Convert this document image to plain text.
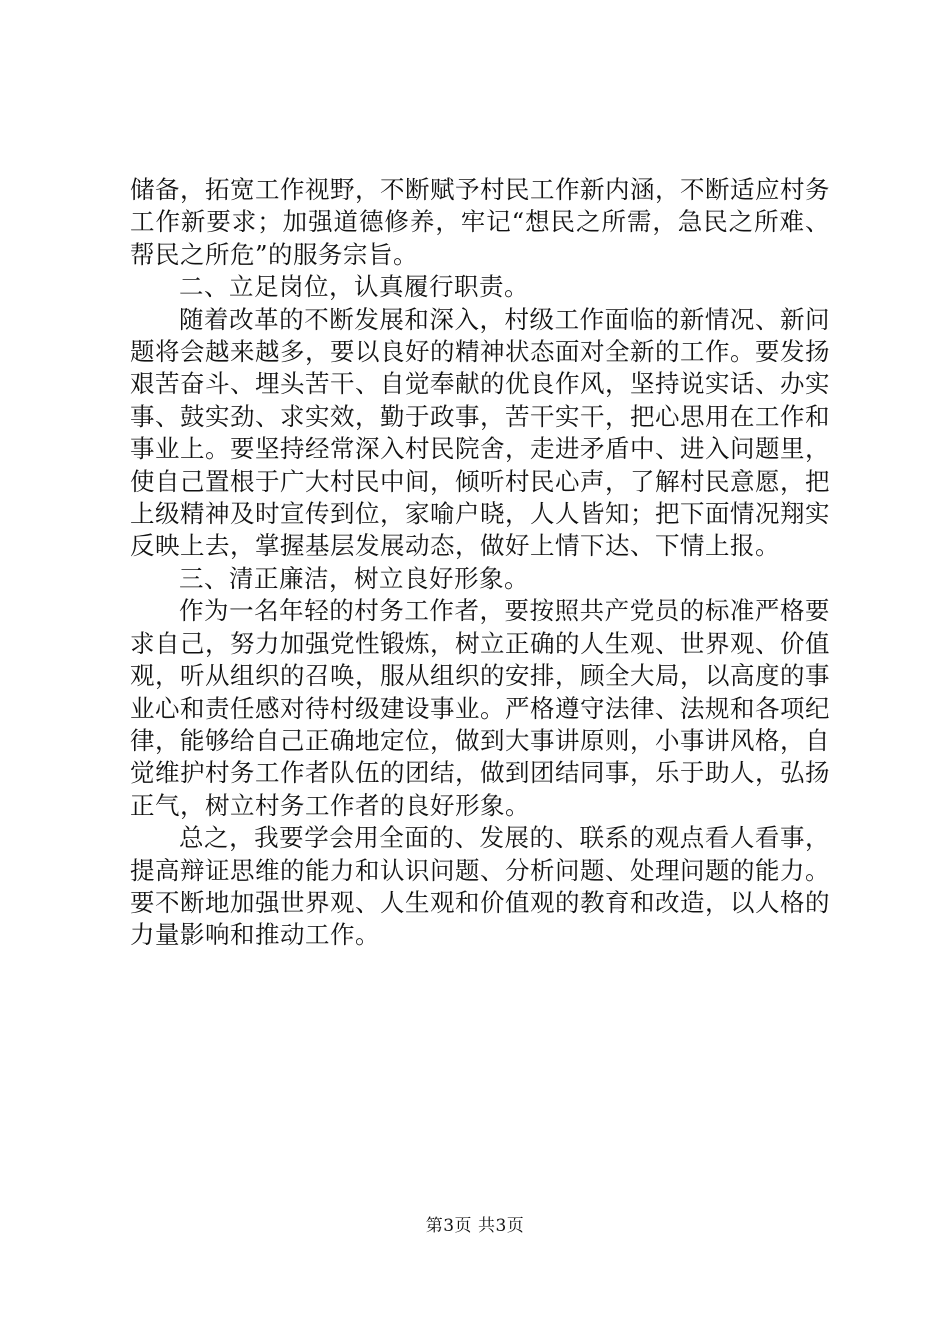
储备，拓宽工作视野，不断赋予村民工作新内涵，不断适应村务工作新要求；加强道德修养，牢记“想民之所需，急民之所难、帮民之所危”的服务宗旨。

二、立足岗位，认真履行职责。

随着改革的不断发展和深入，村级工作面临的新情况、新问题将会越来越多，要以良好的精神状态面对全新的工作。要发扬艰苦奋斗、埋头苦干、自觉奉献的优良作风，坚持说实话、办实事、鼓实劲、求实效，勤于政事，苦干实干，把心思用在工作和事业上。要坚持经常深入村民院舍，走进矛盾中、进入问题里，使自己置根于广大村民中间，倾听村民心声，了解村民意愿，把上级精神及时宣传到位，家喻户晓，人人皆知；把下面情况翔实反映上去，掌握基层发展动态，做好上情下达、下情上报。

三、清正廉洁，树立良好形象。

作为一名年轻的村务工作者，要按照共产党员的标准严格要求自己，努力加强党性锻炼，树立正确的人生观、世界观、价值观，听从组织的召唤，服从组织的安排，顾全大局，以高度的事业心和责任感对待村级建设事业。严格遵守法律、法规和各项纪律，能够给自己正确地定位，做到大事讲原则，小事讲风格，自觉维护村务工作者队伍的团结，做到团结同事，乐于助人，弘扬正气，树立村务工作者的良好形象。

总之，我要学会用全面的、发展的、联系的观点看人看事，提高辩证思维的能力和认识问题、分析问题、处理问题的能力。要不断地加强世界观、人生观和价值观的教育和改造，以人格的力量影响和推动工作。

第3页 共3页
